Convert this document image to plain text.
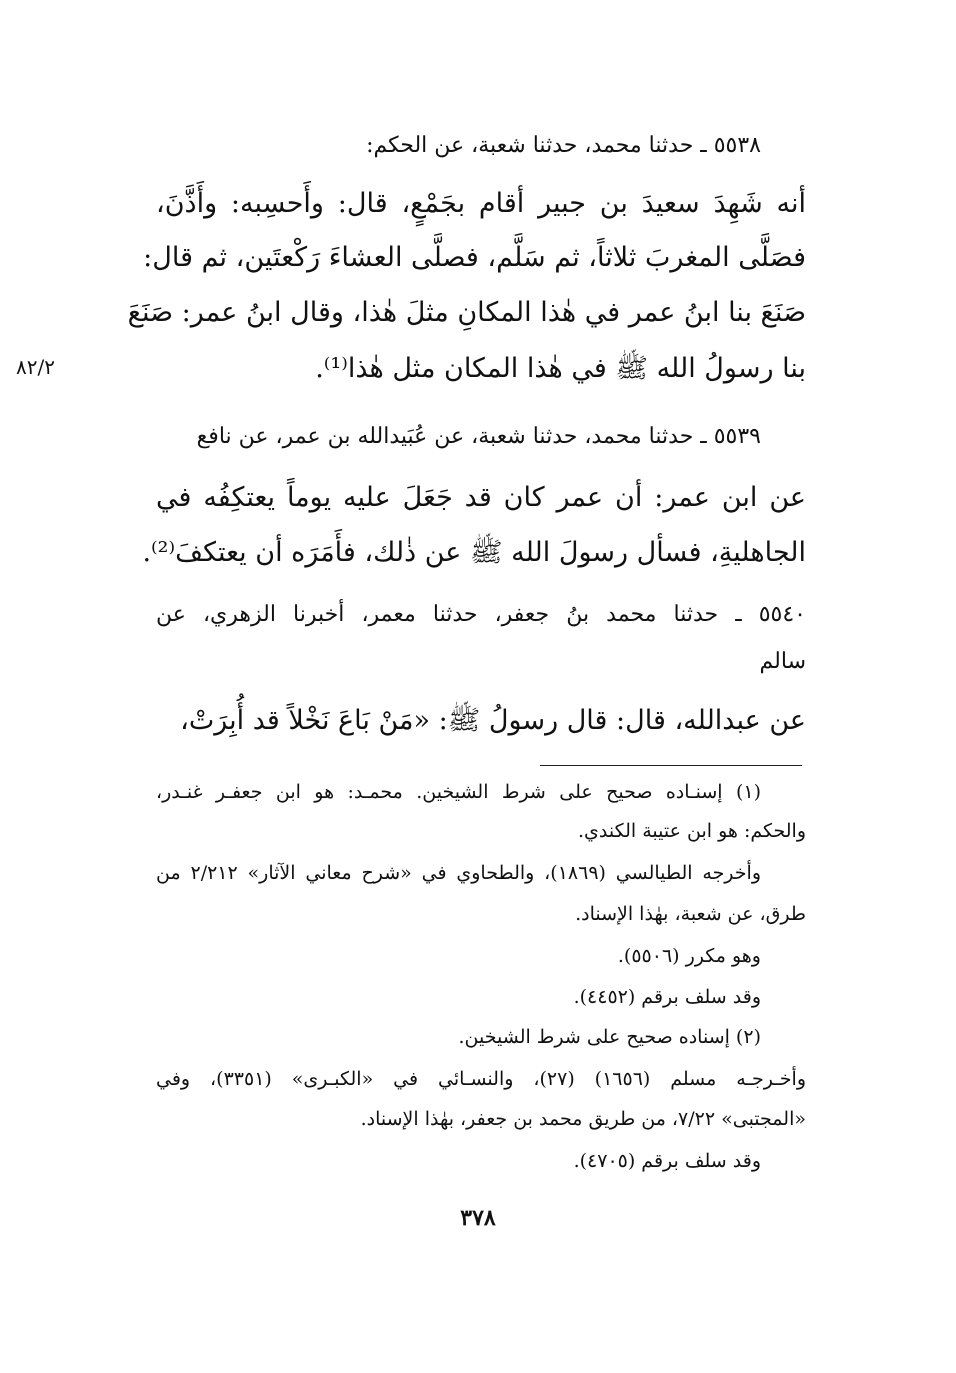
٥٥٣٨ ـ حدثنا محمد، حدثنا شعبة، عن الحكم:
أنه شَهِدَ سعيدَ بن جبير أقام بجَمْعٍ، قال: وأَحسِبه: وأَذَّنَ،
فصَلَّى المغربَ ثلاثاً، ثم سَلَّم، فصلَّى العشاءَ رَكْعتَين، ثم قال:
صَنَعَ بنا ابنُ عمر في هٰذا المكانِ مثلَ هٰذا، وقال ابنُ عمر: صَنَعَ
بنا رسولُ الله ﷺ في هٰذا المكان مثل هٰذا⁽¹⁾.
٨٢/٢
٥٥٣٩ ـ حدثنا محمد، حدثنا شعبة، عن عُبَيدالله بن عمر، عن نافع
عن ابن عمر: أن عمر كان قد جَعَلَ عليه يوماً يعتكِفُه في
الجاهليةِ، فسأل رسولَ الله ﷺ عن ذٰلك، فأَمَرَه أن يعتكفَ⁽²⁾.
٥٥٤٠ ـ حدثنا محمد بنُ جعفر، حدثنا معمر، أخبرنا الزهري، عن
سالم
عن عبدالله، قال: قال رسولُ ﷺ: «مَنْ بَاعَ نَخْلاً قد أُبِرَتْ،
(١) إسنـاده صحيح على شرط الشيخين. محمـد: هو ابن جعفـر غنـدر،
والحكم: هو ابن عتيبة الكندي.
وأخرجه الطيالسي (١٨٦٩)، والطحاوي في «شرح معاني الآثار» ٢/٢١٢ من
طرق، عن شعبة، بهٰذا الإسناد.
وهو مكرر (٥٥٠٦).
وقد سلف برقم (٤٤٥٢).
(٢) إسناده صحيح على شرط الشيخين.
وأخـرجـه مسلم (١٦٥٦) (٢٧)، والنسـائي في «الكبـرى» (٣٣٥١)، وفي
«المجتبى» ٧/٢٢، من طريق محمد بن جعفر، بهٰذا الإسناد.
وقد سلف برقم (٤٧٠٥).
٣٧٨
